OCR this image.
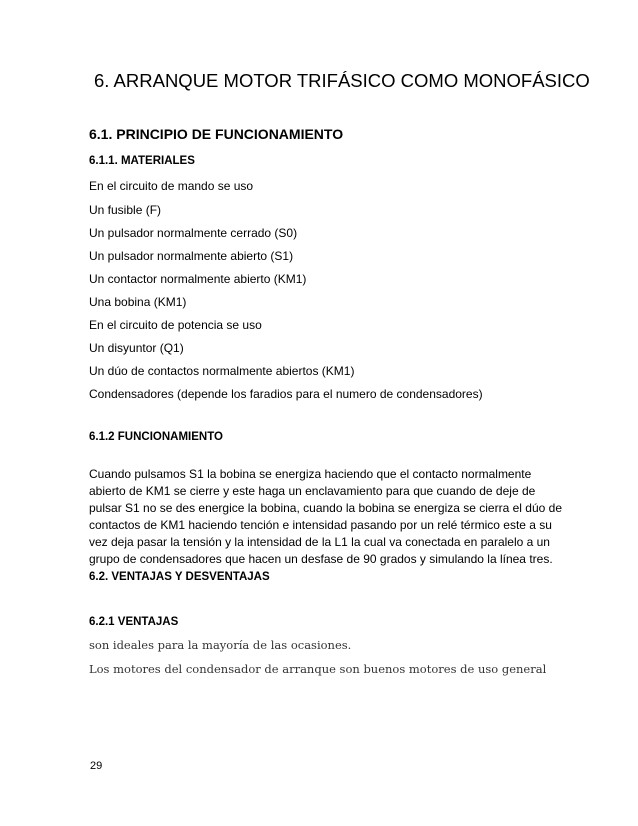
6. ARRANQUE MOTOR TRIFÁSICO COMO MONOFÁSICO
6.1. PRINCIPIO DE FUNCIONAMIENTO
6.1.1. MATERIALES
En el circuito de mando se uso
Un fusible (F)
Un pulsador normalmente cerrado (S0)
Un pulsador normalmente abierto (S1)
Un contactor normalmente abierto (KM1)
Una bobina (KM1)
En el circuito de potencia se uso
Un disyuntor (Q1)
Un dúo de contactos normalmente abiertos (KM1)
Condensadores (depende los faradios para el numero de condensadores)
6.1.2 FUNCIONAMIENTO
Cuando pulsamos S1 la bobina se energiza haciendo que el contacto normalmente
abierto de KM1 se cierre y este haga un enclavamiento para que cuando de deje de
pulsar S1 no se des energice la bobina, cuando la bobina se energiza se cierra el dúo de
contactos de KM1 haciendo tención e intensidad pasando por un relé térmico este a su
vez deja pasar la tensión y la intensidad de la L1 la cual va conectada en paralelo a un
grupo de condensadores que hacen un desfase de 90 grados y simulando la línea tres.
6.2. VENTAJAS Y DESVENTAJAS
6.2.1 VENTAJAS
son ideales para la mayoría de las ocasiones.
Los motores del condensador de arranque son buenos motores de uso general
29
